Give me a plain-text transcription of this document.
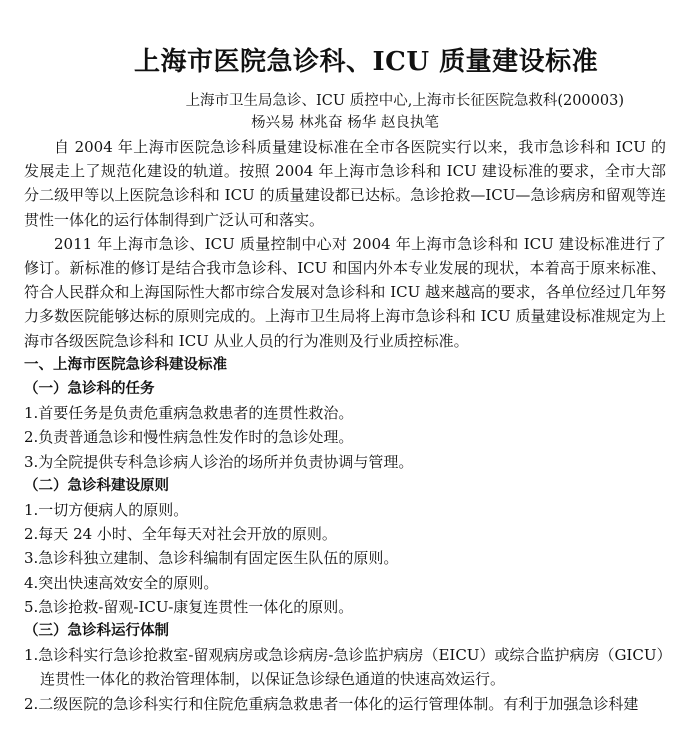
上海市医院急诊科、ICU 质量建设标准

上海市卫生局急诊、ICU 质控中心,上海市长征医院急救科(200003)

杨兴易 林兆奋 杨华 赵良执笔

自 2004 年上海市医院急诊科质量建设标准在全市各医院实行以来，我市急诊科和 ICU 的发展走上了规范化建设的轨道。按照 2004 年上海市急诊科和 ICU 建设标准的要求，全市大部分二级甲等以上医院急诊科和 ICU 的质量建设都已达标。急诊抢救—ICU—急诊病房和留观等连贯性一体化的运行体制得到广泛认可和落实。

2011 年上海市急诊、ICU 质量控制中心对 2004 年上海市急诊科和 ICU 建设标准进行了修订。新标准的修订是结合我市急诊科、ICU 和国内外本专业发展的现状，本着高于原来标准、符合人民群众和上海国际性大都市综合发展对急诊科和 ICU 越来越高的要求，各单位经过几年努力多数医院能够达标的原则完成的。上海市卫生局将上海市急诊科和 ICU 质量建设标准规定为上海市各级医院急诊科和 ICU 从业人员的行为准则及行业质控标准。

一、上海市医院急诊科建设标准

（一）急诊科的任务

1.首要任务是负责危重病急救患者的连贯性救治。

2.负责普通急诊和慢性病急性发作时的急诊处理。

3.为全院提供专科急诊病人诊治的场所并负责协调与管理。

（二）急诊科建设原则

1.一切方便病人的原则。

2.每天 24 小时、全年每天对社会开放的原则。

3.急诊科独立建制、急诊科编制有固定医生队伍的原则。

4.突出快速高效安全的原则。

5.急诊抢救-留观-ICU-康复连贯性一体化的原则。

（三）急诊科运行体制

1.急诊科实行急诊抢救室-留观病房或急诊病房-急诊监护病房（EICU）或综合监护病房（GICU）

连贯性一体化的救治管理体制，以保证急诊绿色通道的快速高效运行。

2.二级医院的急诊科实行和住院危重病急救患者一体化的运行管理体制。有利于加强急诊科建
